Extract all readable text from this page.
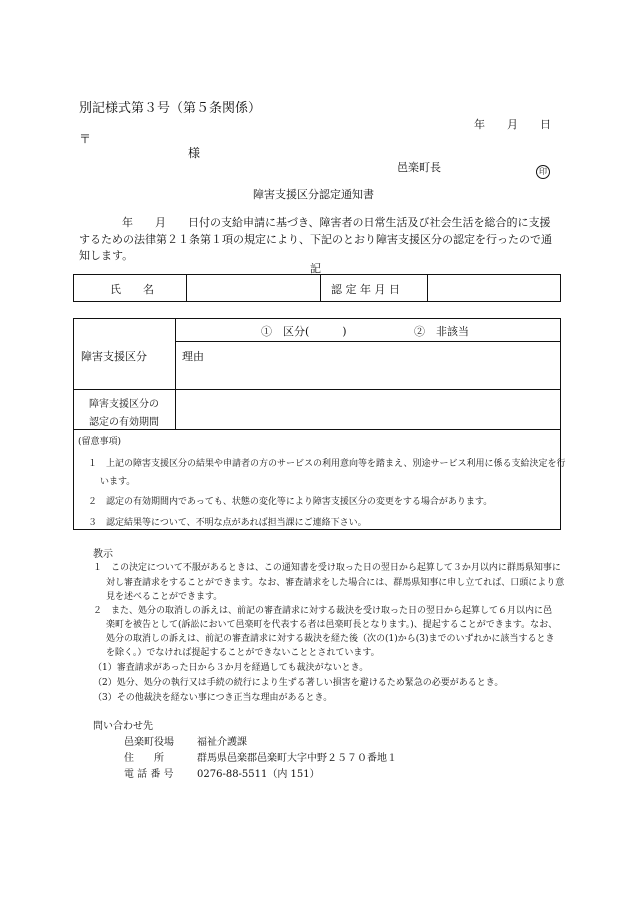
別記様式第３号（第５条関係）
年　　月　　日
〒
様
邑楽町長	印
障害支援区分認定通知書
年　　月　　日付の支給申請に基づき、障害者の日常生活及び社会生活を総合的に支援
するための法律第２１条第１項の規定により、下記のとおり障害支援区分の認定を行ったので通
知します。
記
氏　　名	認 定 年 月 日
障害支援区分
①　区分(　　　)	②　非該当
理由
障害支援区分の
認定の有効期間
(留意事項)
１　上記の障害支援区分の結果や申請者の方のサービスの利用意向等を踏まえ、別途サービス利用に係る支給決定を行
います。
２　認定の有効期間内であっても、状態の変化等により障害支援区分の変更をする場合があります。
３　認定結果等について、不明な点があれば担当課にご連絡下さい。
教示
１　この決定について不服があるときは、この通知書を受け取った日の翌日から起算して３か月以内に群馬県知事に
対し審査請求をすることができます。なお、審査請求をした場合には、群馬県知事に申し立てれば、口頭により意
見を述べることができます。
２　また、処分の取消しの訴えは、前記の審査請求に対する裁決を受け取った日の翌日から起算して６月以内に邑
楽町を被告として(訴訟において邑楽町を代表する者は邑楽町長となります。)、提起することができます。なお、
処分の取消しの訴えは、前記の審査請求に対する裁決を経た後（次の(1)から(3)までのいずれかに該当するとき
を除く。）でなければ提起することができないこととされています。
（1）審査請求があった日から３か月を経過しても裁決がないとき。
（2）処分、処分の執行又は手続の続行により生ずる著しい損害を避けるため緊急の必要があるとき。
（3）その他裁決を経ない事につき正当な理由があるとき。
問い合わせ先
邑楽町役場 福祉介護課
住　　所	群馬県邑楽郡邑楽町大字中野２５７０番地１
電 話 番 号 0276-88-5511（内 151）
